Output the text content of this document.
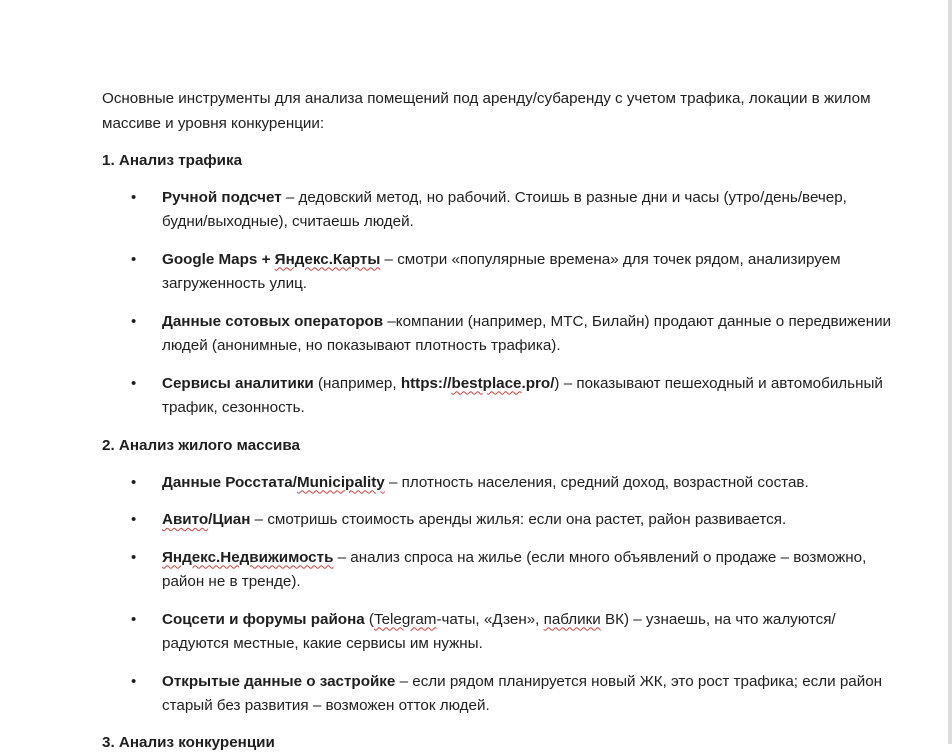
Основные инструменты для анализа помещений под аренду/субаренду с учетом трафика, локации в жилом массиве и уровня конкуренции:

1. Анализ трафика
• Ручной подсчет – дедовский метод, но рабочий. Стоишь в разные дни и часы (утро/день/вечер, будни/выходные), считаешь людей.
• Google Maps + Яндекс.Карты – смотри «популярные времена» для точек рядом, анализируем загруженность улиц.
• Данные сотовых операторов –компании (например, МТС, Билайн) продают данные о передвижении людей (анонимные, но показывают плотность трафика).
• Сервисы аналитики (например, https://bestplace.pro/) – показывают пешеходный и автомобильный трафик, сезонность.
2. Анализ жилого массива
• Данные Росстата/Municipality – плотность населения, средний доход, возрастной состав.
• Авито/Циан – смотришь стоимость аренды жилья: если она растет, район развивается.
• Яндекс.Недвижимость – анализ спроса на жилье (если много объявлений о продаже – возможно, район не в тренде).
• Соцсети и форумы района (Telegram-чаты, «Дзен», паблики ВК) – узнаешь, на что жалуются/радуются местные, какие сервисы им нужны.
• Открытые данные о застройке – если рядом планируется новый ЖК, это рост трафика; если район старый без развития – возможен отток людей.
3. Анализ конкуренции
